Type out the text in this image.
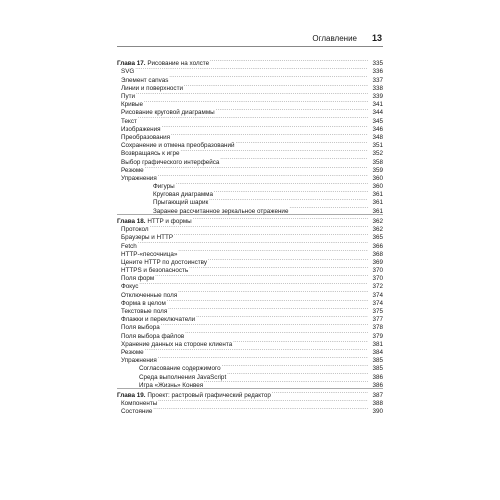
Оглавление 13
Глава 17. Рисование на холсте .....	335
SVG .....	336
Элемент canvas .....	337
Линии и поверхности .....	338
Пути .....	339
Кривые .....	341
Рисование круговой диаграммы .....	344
Текст .....	345
Изображения .....	346
Преобразования .....	348
Сохранение и отмена преобразований .....	351
Возвращаясь к игре .....	352
Выбор графического интерфейса .....	358
Резюме .....	359
Упражнения .....	360
Фигуры .....	360
Круговая диаграмма .....	361
Прыгающий шарик .....	361
Заранее рассчитанное зеркальное отражение .....	361
Глава 18. HTTP и формы .....	362
Протокол .....	362
Браузеры и HTTP .....	365
Fetch .....	366
HTTP-«песочница» .....	368
Цените HTTP по достоинству .....	369
HTTPS и безопасность .....	370
Поля форм .....	370
Фокус .....	372
Отключенные поля .....	374
Форма в целом .....	374
Текстовые поля .....	375
Флажки и переключатели .....	377
Поля выбора .....	378
Поля выбора файлов .....	379
Хранение данных на стороне клиента .....	381
Резюме .....	384
Упражнения .....	385
Согласование содержимого .....	385
Среда выполнения JavaScript .....	386
Игра «Жизнь» Конвея .....	386
Глава 19. Проект: растровый графический редактор .....	387
Компоненты .....	388
Состояние .....	390
